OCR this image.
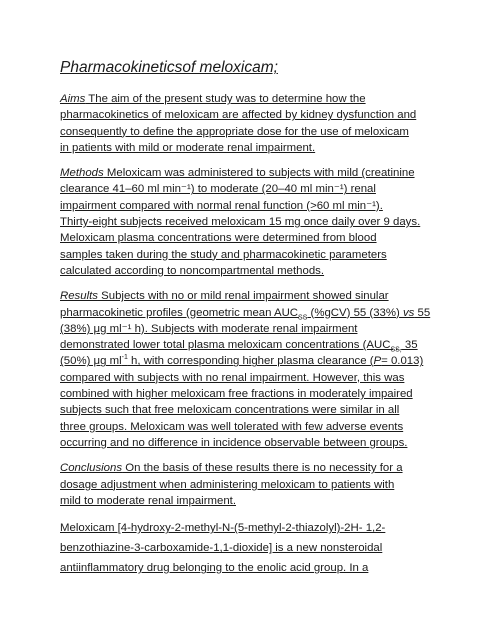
Pharmacokineticsof meloxicam;
Aims The aim of the present study was to determine how the
pharmacokinetics of meloxicam are affected by kidney dysfunction and
consequently to define the appropriate dose for the use of meloxicam
in patients with mild or moderate renal impairment.
Methods Meloxicam was administered to subjects with mild (creatinine
clearance 41–60 ml min⁻¹) to moderate (20–40 ml min⁻¹) renal
impairment compared with normal renal function (>60 ml min⁻¹).
Thirty-eight subjects received meloxicam 15 mg once daily over 9 days.
Meloxicam plasma concentrations were determined from blood
samples taken during the study and pharmacokinetic parameters
calculated according to noncompartmental methods.
Results Subjects with no or mild renal impairment showed sinular
pharmacokinetic profiles (geometric mean $AUC_{SS}$ (%gCV) 55 (33%) vs 55
(38%) μg ml⁻¹ h). Subjects with moderate renal impairment
demonstrated lower total plasma meloxicam concentrations ($AUC_{SS,}$ 35
(50%) μg $ml^{-1}$ h, with corresponding higher plasma clearance (P= 0.013)
compared with subjects with no renal impairment. However, this was
combined with higher meloxicam free fractions in moderately impaired
subjects such that free meloxicam concentrations were similar in all
three groups. Meloxicam was well tolerated with few adverse events
occurring and no difference in incidence observable between groups.
Conclusions On the basis of these results there is no necessity for a
dosage adjustment when administering meloxicam to patients with
mild to moderate renal impairment.
Meloxicam [4-hydroxy-2-methyl-N-(5-methyl-2-thiazolyl)-2H- 1,2-
benzothiazine-3-carboxamide-1,1-dioxide] is a new nonsteroidal
antiinflammatory drug belonging to the enolic acid group. In a
